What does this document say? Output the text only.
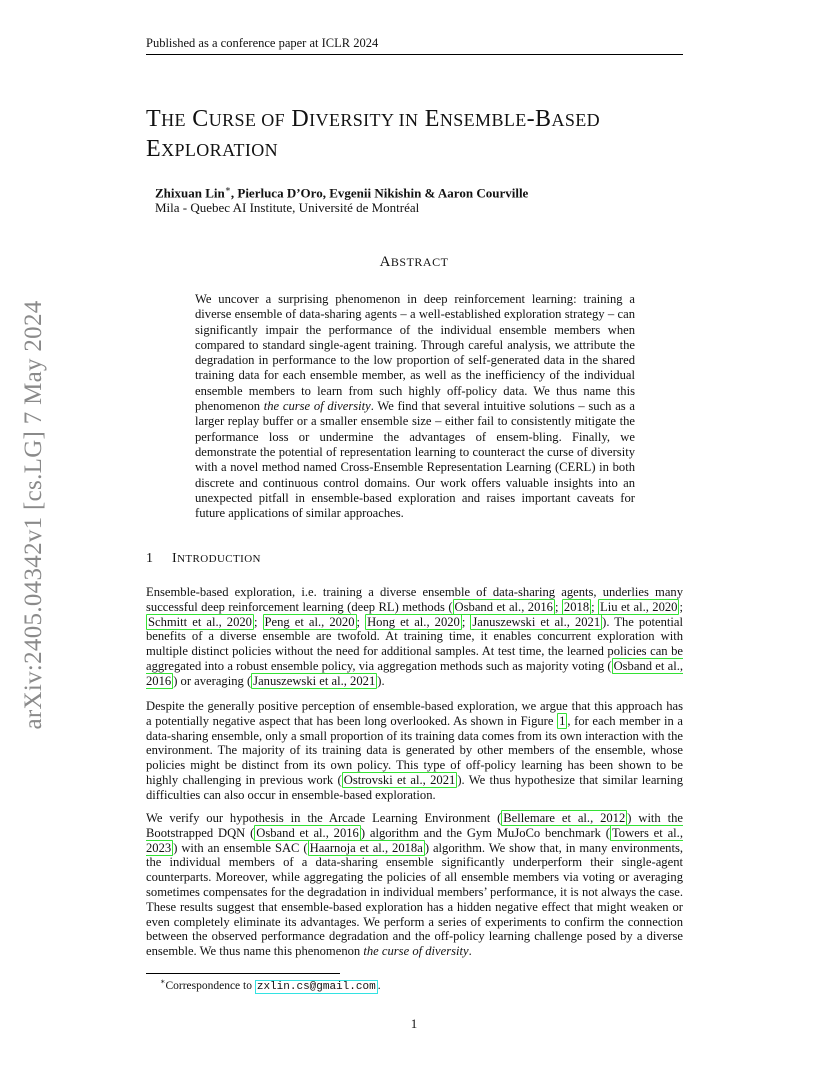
Published as a conference paper at ICLR 2024
arXiv:2405.04342v1 [cs.LG] 7 May 2024
THE CURSE OF DIVERSITY IN ENSEMBLE-BASED
EXPLORATION
Zhixuan Lin∗, Pierluca D’Oro, Evgenii Nikishin & Aaron Courville
Mila - Quebec AI Institute, Université de Montréal
ABSTRACT
We uncover a surprising phenomenon in deep reinforcement learning: training a diverse ensemble of data-sharing agents – a well-established exploration strategy – can significantly impair the performance of the individual ensemble members when compared to standard single-agent training. Through careful analysis, we attribute the degradation in performance to the low proportion of self-generated data in the shared training data for each ensemble member, as well as the inefficiency of the individual ensemble members to learn from such highly off-policy data. We thus name this phenomenon the curse of diversity. We find that several intuitive solutions – such as a larger replay buffer or a smaller ensemble size – either fail to consistently mitigate the performance loss or undermine the advantages of ensem-bling. Finally, we demonstrate the potential of representation learning to counteract the curse of diversity with a novel method named Cross-Ensemble Representation Learning (CERL) in both discrete and continuous control domains. Our work offers valuable insights into an unexpected pitfall in ensemble-based exploration and raises important caveats for future applications of similar approaches.
1 INTRODUCTION
Ensemble-based exploration, i.e. training a diverse ensemble of data-sharing agents, underlies many successful deep reinforcement learning (deep RL) methods ( Osband et al., 2016 ; 2018 ; Liu et al., 2020 ; Schmitt et al., 2020 ; Peng et al., 2020 ; Hong et al., 2020 ; Januszewski et al., 2021 ). The potential benefits of a diverse ensemble are twofold. At training time, it enables concurrent exploration with multiple distinct policies without the need for additional samples. At test time, the learned policies can be aggregated into a robust ensemble policy, via aggregation methods such as majority voting ( Osband et al., 2016 ) or averaging ( Januszewski et al., 2021 ).
Despite the generally positive perception of ensemble-based exploration, we argue that this approach has a potentially negative aspect that has been long overlooked. As shown in Figure 1 , for each member in a data-sharing ensemble, only a small proportion of its training data comes from its own interaction with the environment. The majority of its training data is generated by other members of the ensemble, whose policies might be distinct from its own policy. This type of off-policy learning has been shown to be highly challenging in previous work ( Ostrovski et al., 2021 ). We thus hypothesize that similar learning difficulties can also occur in ensemble-based exploration.
We verify our hypothesis in the Arcade Learning Environment ( Bellemare et al., 2012 ) with the Bootstrapped DQN ( Osband et al., 2016 ) algorithm and the Gym MuJoCo benchmark ( Towers et al., 2023 ) with an ensemble SAC ( Haarnoja et al., 2018a ) algorithm. We show that, in many environments, the individual members of a data-sharing ensemble significantly underperform their single-agent counterparts. Moreover, while aggregating the policies of all ensemble members via voting or averaging sometimes compensates for the degradation in individual members’ performance, it is not always the case. These results suggest that ensemble-based exploration has a hidden negative effect that might weaken or even completely eliminate its advantages. We perform a series of experiments to confirm the connection between the observed performance degradation and the off-policy learning challenge posed by a diverse ensemble. We thus name this phenomenon the curse of diversity.
∗Correspondence to zxlin.cs@gmail.com .
1
